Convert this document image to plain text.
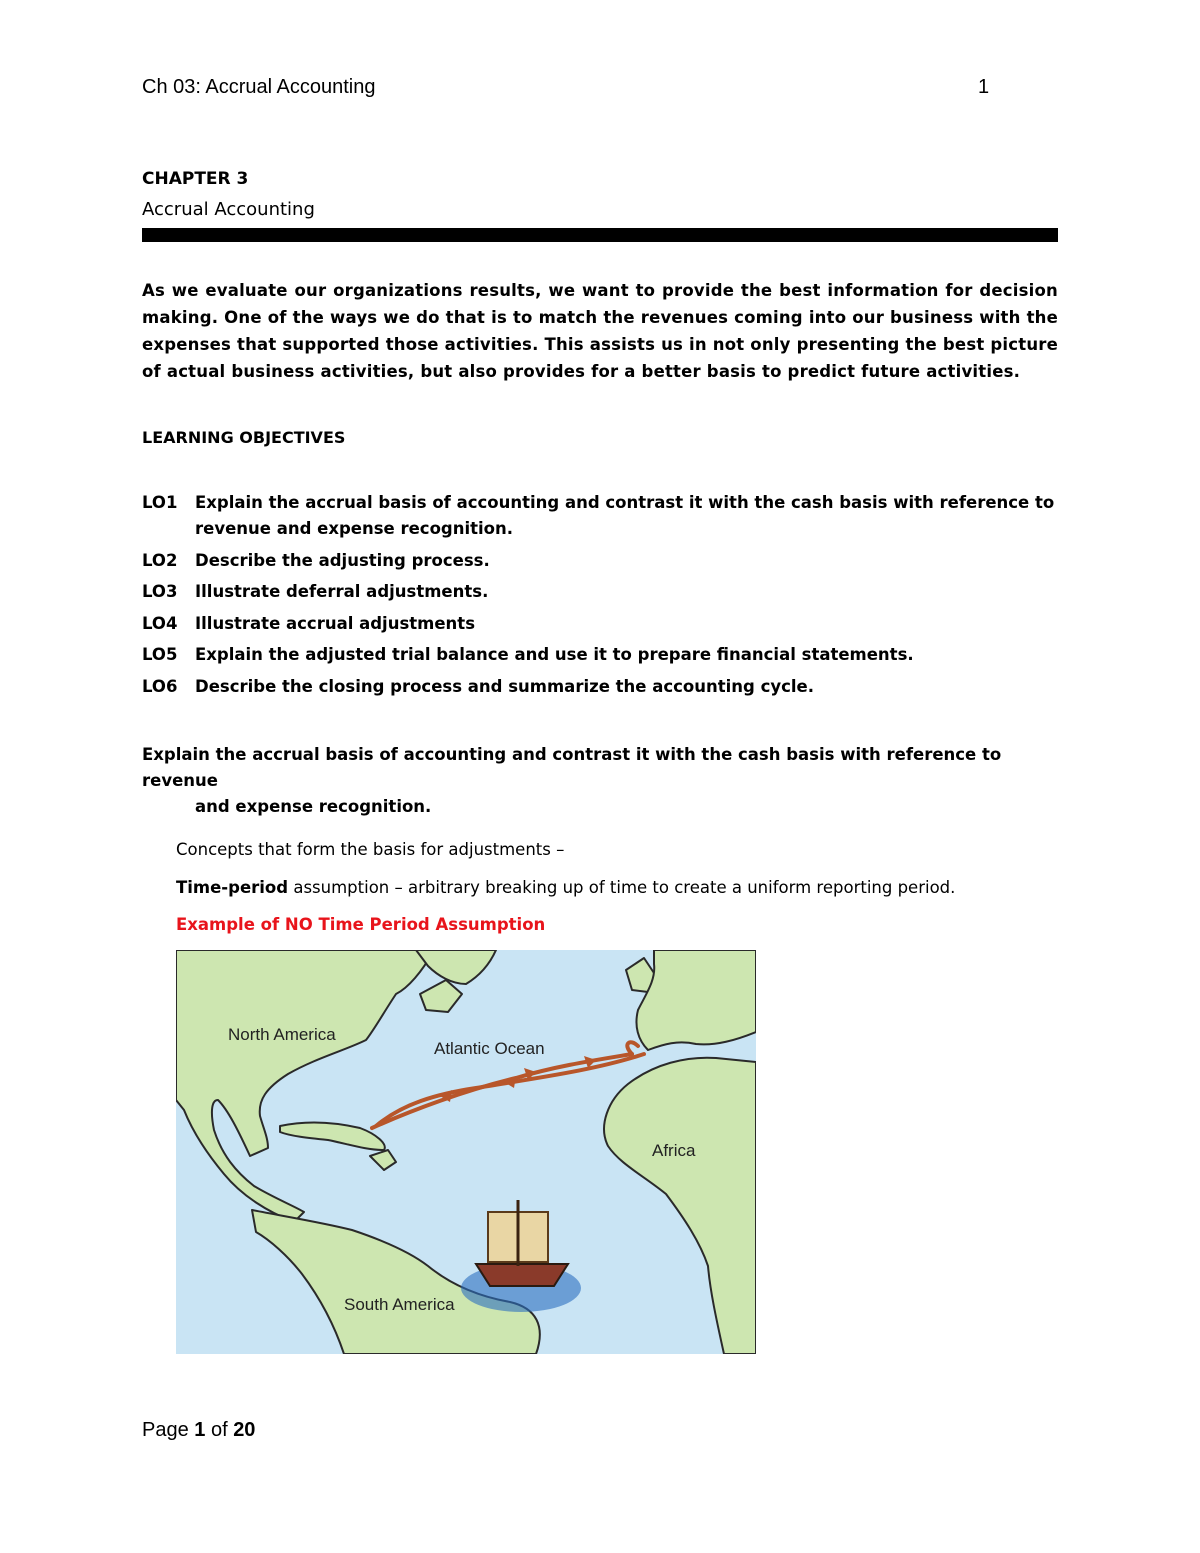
Ch 03: Accrual Accounting	1
CHAPTER 3
Accrual Accounting
As we evaluate our organizations results, we want to provide the best information for decision making. One of the ways we do that is to match the revenues coming into our business with the expenses that supported those activities. This assists us in not only presenting the best picture of actual business activities, but also provides for a better basis to predict future activities.
LEARNING OBJECTIVES
LO1	Explain the accrual basis of accounting and contrast it with the cash basis with reference to revenue and expense recognition.
LO2	Describe the adjusting process.
LO3	Illustrate deferral adjustments.
LO4	Illustrate accrual adjustments
LO5	Explain the adjusted trial balance and use it to prepare financial statements.
LO6	Describe the closing process and summarize the accounting cycle.
Explain the accrual basis of accounting and contrast it with the cash basis with reference to revenue
and expense recognition.
Concepts that form the basis for adjustments –
Time-period assumption – arbitrary breaking up of time to create a uniform reporting period.
Example of NO Time Period Assumption
North America
Atlantic Ocean
Africa
South America
Page 1 of 20
